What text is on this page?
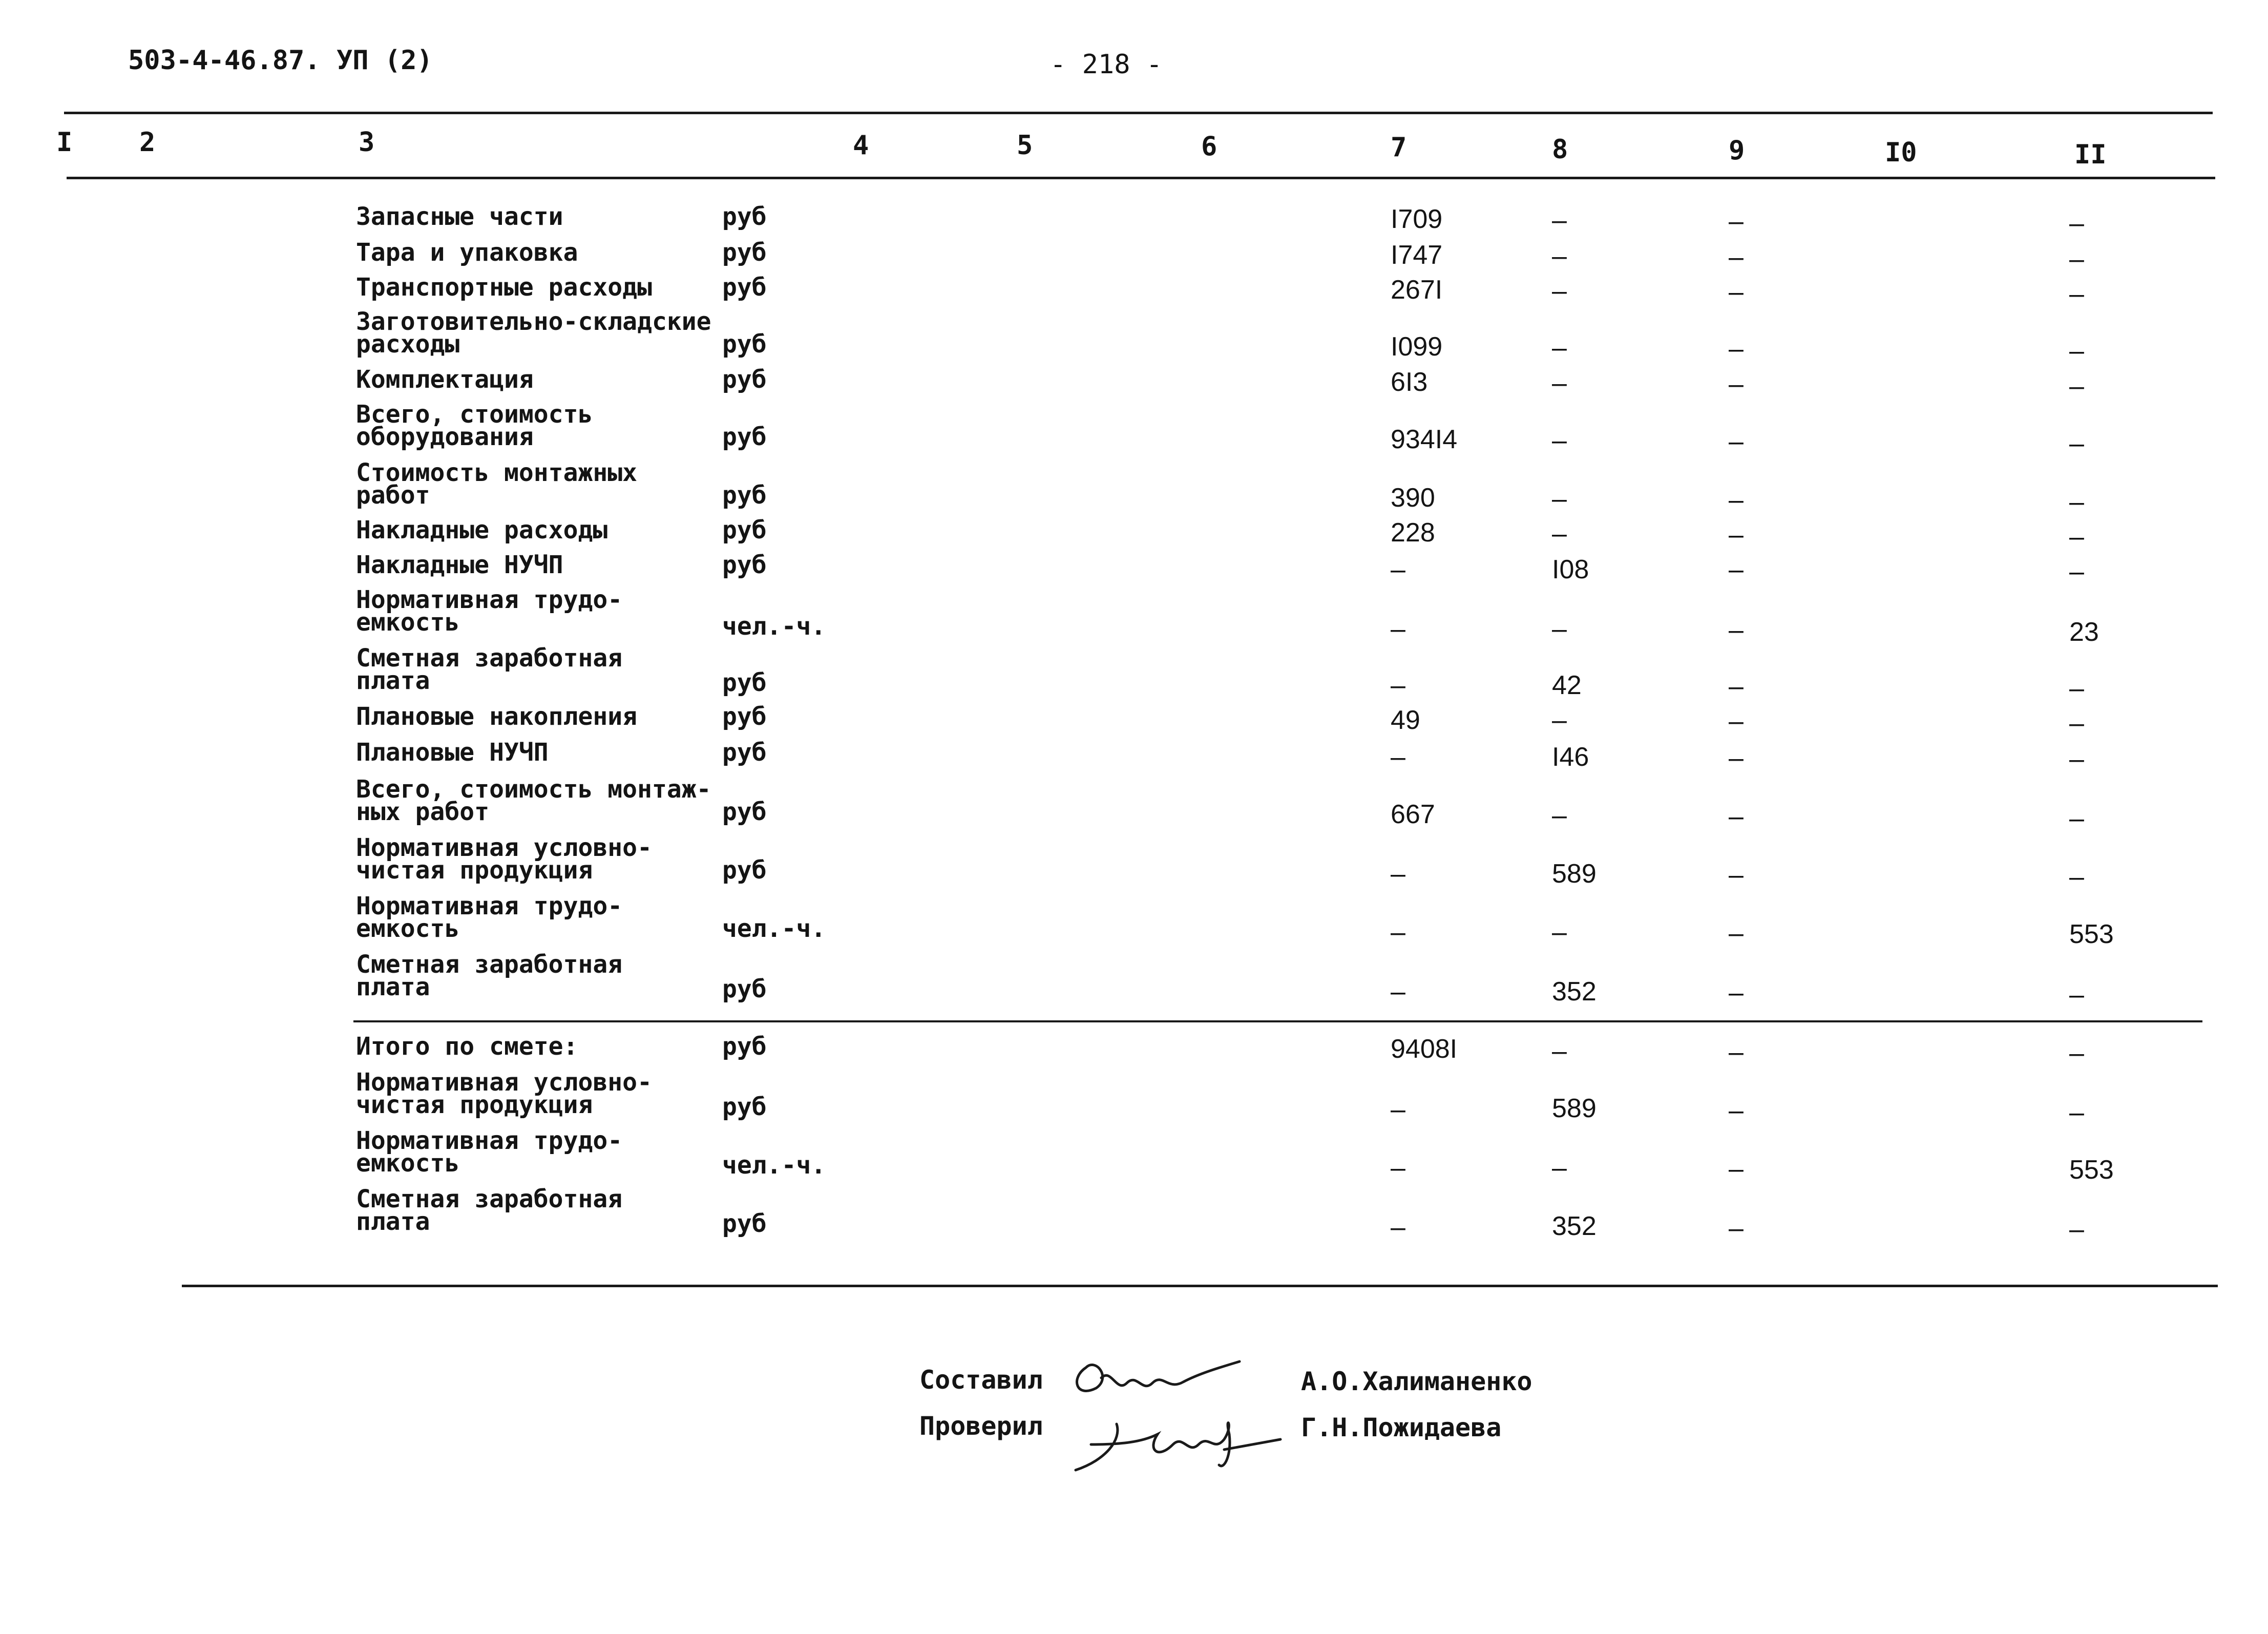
503-4-46.87. УП (2)	- 218 -
I	2	3	4	5	6	7	8	9	I0	II
Запасные части	руб	I709	–	–	–
Тара и упаковка	руб	I747	–	–	–
Транспортные расходы	руб	267I	–	–	–
Заготовительно-складские
расходы	руб	I099	–	–	–
Комплектация	руб	6I3	–	–	–
Всего, стоимость
оборудования	руб	934I4	–	–	–
Стоимость монтажных
работ	руб	390	–	–	–
Накладные расходы	руб	228	–	–	–
Накладные НУЧП	руб	–	I08	–	–
Нормативная трудо-
емкость	чел.-ч.	–	–	–	23
Сметная заработная
плата	руб	–	42	–	–
Плановые накопления	руб	49	–	–	–
Плановые НУЧП	руб	–	I46	–	–
Всего, стоимость монтаж-
ных работ	руб	667	–	–	–
Нормативная условно-
чистая продукция	руб	–	589	–	–
Нормативная трудо-
емкость	чел.-ч.	–	–	–	553
Сметная заработная
плата	руб	–	352	–	–
Итого по смете:	руб	9408I	–	–	–
Нормативная условно-
чистая продукция	руб	–	589	–	–
Нормативная трудо-
емкость	чел.-ч.	–	–	–	553
Сметная заработная
плата	руб	–	352	–	–
Составил
Проверил
А.О.Халиманенко
Г.Н.Пожидаева
